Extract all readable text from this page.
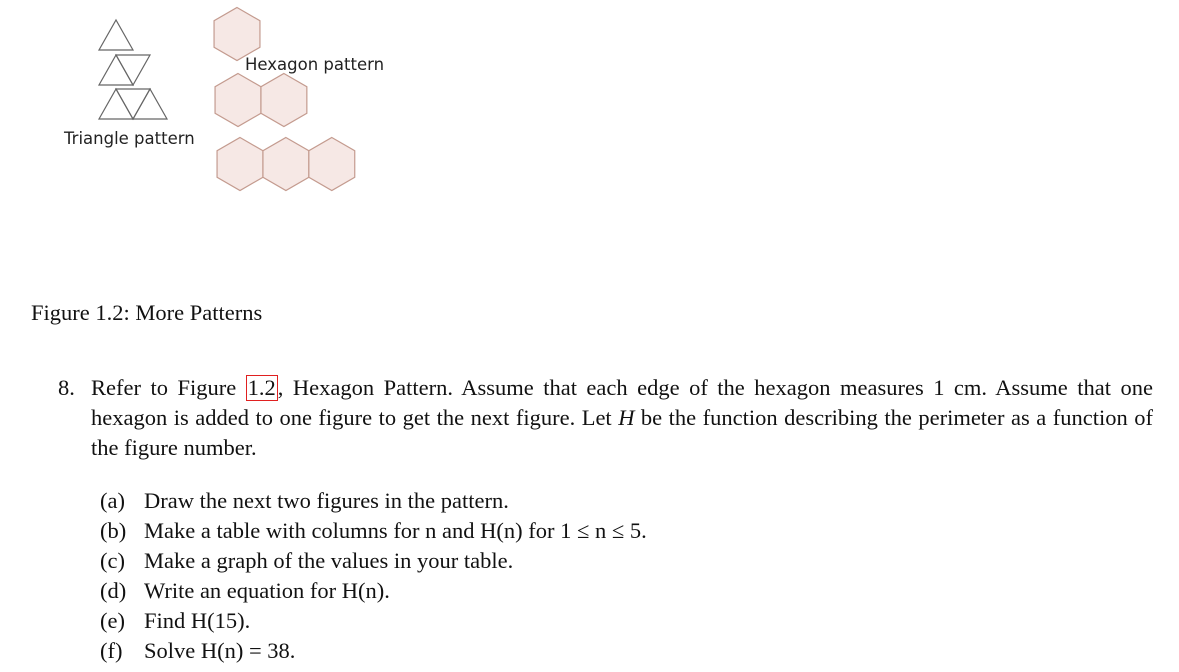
Triangle pattern
Hexagon pattern
Figure 1.2: More Patterns
8. Refer to Figure 1.2, Hexagon Pattern. Assume that each edge of the hexagon measures 1 cm. Assume that one hexagon is added to one figure to get the next figure. Let H be the function describing the perimeter as a function of the figure number.
(a) Draw the next two figures in the pattern.
(b) Make a table with columns for n and H(n) for 1 ≤ n ≤ 5.
(c) Make a graph of the values in your table.
(d) Write an equation for H(n).
(e) Find H(15).
(f) Solve H(n) = 38.
